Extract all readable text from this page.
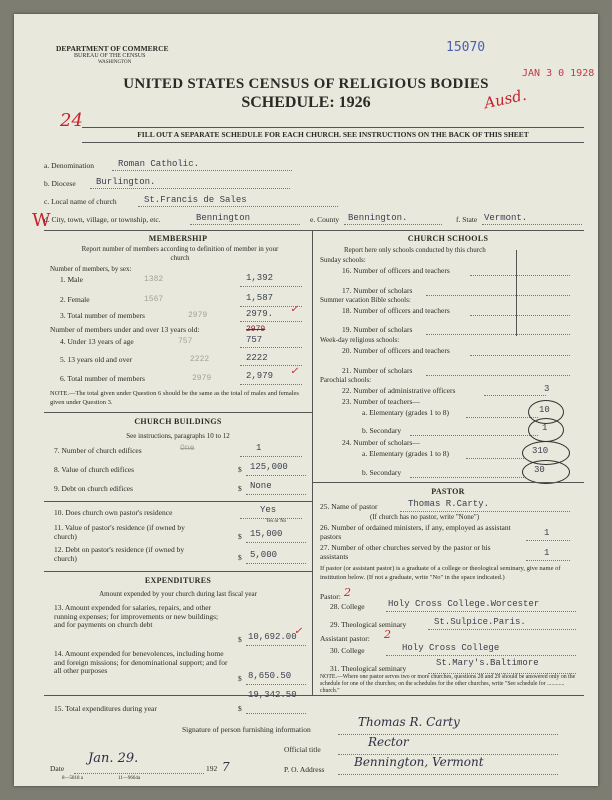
DEPARTMENT OF COMMERCE
BUREAU OF THE CENSUS
WASHINGTON
15070
JAN 3 0 1928
Ausd.
UNITED STATES CENSUS OF RELIGIOUS BODIES
SCHEDULE: 1926
24
W
FILL OUT A SEPARATE SCHEDULE FOR EACH CHURCH. SEE INSTRUCTIONS ON THE BACK OF THIS SHEET
a. Denomination	Roman Catholic.
b. Diocese Burlington.
c. Local name of church	St.Francis de Sales
d. City, town, village, or township, etc.	Bennington	e. County Bennington.	f. State Vermont.
MEMBERSHIP
Report number of members according to definition of member in your church
Number of members, by sex:
1. Male	1382	1,392
2. Female	1567	1,587
3. Total number of members	2979	2979. ✓
Number of members under and over 13 years old:	2979
4. Under 13 years of age	757	757
5. 13 years old and over	2222	2222
6. Total number of members	2979	2,979 ✓
NOTE.—The total given under Question 6 should be the same as the total of males and females given under Question 3.
CHURCH BUILDINGS
See instructions, paragraphs 10 to 12
7. Number of church edifices	One	1
8. Value of church edifices	$ 125,000
9. Debt on church edifices	$ None
10. Does church own pastor's residence	Yes
Yes or No
11. Value of pastor's residence (if owned by church)	$ 15,000
12. Debt on pastor's residence (if owned by church)	$ 5,000
EXPENDITURES
Amount expended by your church during last fiscal year
13. Amount expended for salaries, repairs, and other running expenses; for improvements or new buildings; and for payments on church debt
$ 10,692.00
✓
14. Amount expended for benevolences, including home and foreign missions; for denominational support; and for all other purposes
$ 8,650.50
15. Total expenditures during year	$
19,342.50
CHURCH SCHOOLS
Report here only schools conducted by this church
Sunday schools:
16. Number of officers and teachers
17. Number of scholars
Summer vacation Bible schools:
18. Number of officers and teachers
19. Number of scholars
Week-day religious schools:
20. Number of officers and teachers
21. Number of scholars
Parochial schools:
22. Number of administrative officers	3
23. Number of teachers—
a. Elementary (grades 1 to 8)	10
b. Secondary	1
24. Number of scholars—
a. Elementary (grades 1 to 8)	310
b. Secondary	30
PASTOR
25. Name of pastor	Thomas R.Carty.
(If church has no pastor, write "None")
26. Number of ordained ministers, if any, employed as assistant pastors	1
27. Number of other churches served by the pastor or his assistants	1
If pastor (or assistant pastor) is a graduate of a college or theological seminary, give name of institution below. (If not a graduate, write "No" in the space indicated.)
Pastor: 2
28. College	Holy Cross College.Worcester
29. Theological seminary	St.Sulpice.Paris.
Assistant pastor: 2
30. College	Holy Cross College
31. Theological seminary
St.Mary's.Baltimore
NOTE.—Where one pastor serves two or more churches, questions 28 and 29 should be answered only on the schedule for one of the churches; on the schedules for the other churches, write "See schedule for ............ church."
Signature of person furnishing information
Thomas R. Carty
Official title
Rector
Date
Jan. 29.
192 7
8—5818 a	11—9664a
P. O. Address
Bennington, Vermont
